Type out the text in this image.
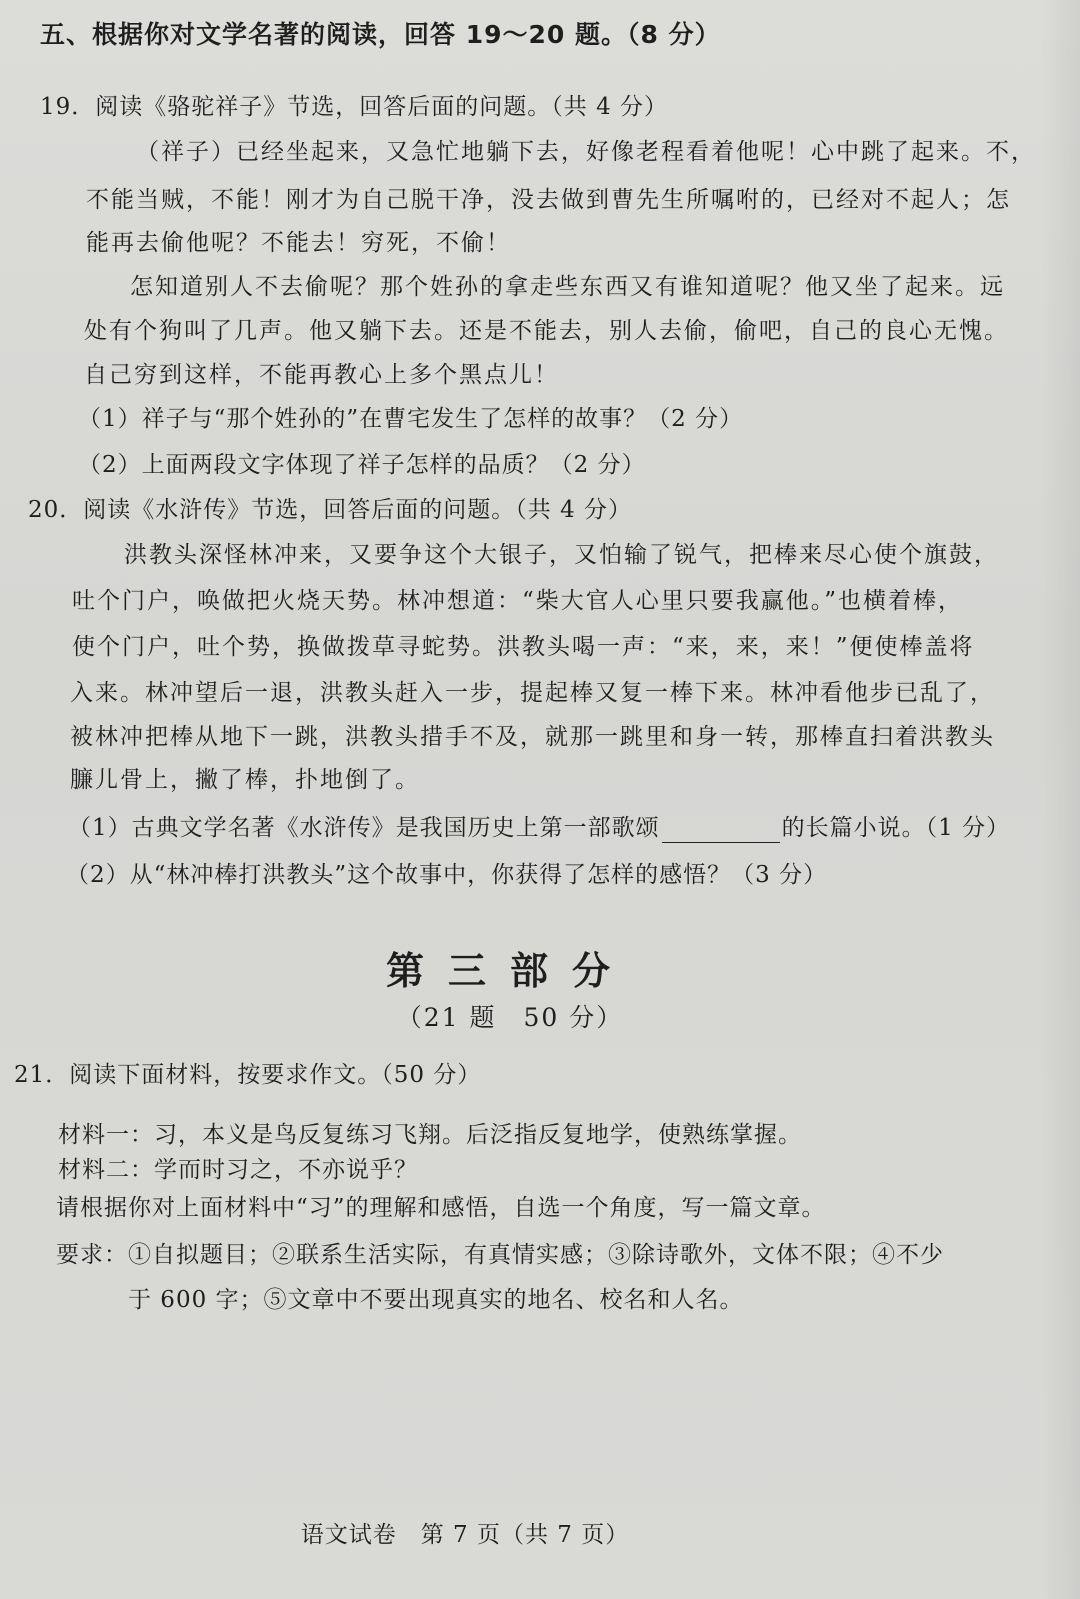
五、根据你对文学名著的阅读，回答 19～20 题。（8 分）
19．阅读《骆驼祥子》节选，回答后面的问题。（共 4 分）
（祥子）已经坐起来，又急忙地躺下去，好像老程看着他呢！心中跳了起来。不，
不能当贼，不能！刚才为自己脱干净，没去做到曹先生所嘱咐的，已经对不起人；怎
能再去偷他呢？不能去！穷死，不偷！
怎知道别人不去偷呢？那个姓孙的拿走些东西又有谁知道呢？他又坐了起来。远
处有个狗叫了几声。他又躺下去。还是不能去，别人去偷，偷吧，自己的良心无愧。
自己穷到这样，不能再教心上多个黑点儿！
（1）祥子与“那个姓孙的”在曹宅发生了怎样的故事？（2 分）
（2）上面两段文字体现了祥子怎样的品质？（2 分）
20．阅读《水浒传》节选，回答后面的问题。（共 4 分）
洪教头深怪林冲来，又要争这个大银子，又怕输了锐气，把棒来尽心使个旗鼓，
吐个门户，唤做把火烧天势。林冲想道：“柴大官人心里只要我赢他。”也横着棒，
使个门户，吐个势，换做拨草寻蛇势。洪教头喝一声：“来，来，来！”便使棒盖将
入来。林冲望后一退，洪教头赶入一步，提起棒又复一棒下来。林冲看他步已乱了，
被林冲把棒从地下一跳，洪教头措手不及，就那一跳里和身一转，那棒直扫着洪教头
臁儿骨上，撇了棒，扑地倒了。
（1）古典文学名著《水浒传》是我国历史上第一部歌颂	的长篇小说。（1 分）
（2）从“林冲棒打洪教头”这个故事中，你获得了怎样的感悟？（3 分）
第三部分
（21 题　50 分）
21．阅读下面材料，按要求作文。（50 分）
材料一：习，本义是鸟反复练习飞翔。后泛指反复地学，使熟练掌握。
材料二：学而时习之，不亦说乎？
请根据你对上面材料中“习”的理解和感悟，自选一个角度，写一篇文章。
要求：①自拟题目；②联系生活实际，有真情实感；③除诗歌外，文体不限；④不少
于 600 字；⑤文章中不要出现真实的地名、校名和人名。
语文试卷　第 7 页（共 7 页）
